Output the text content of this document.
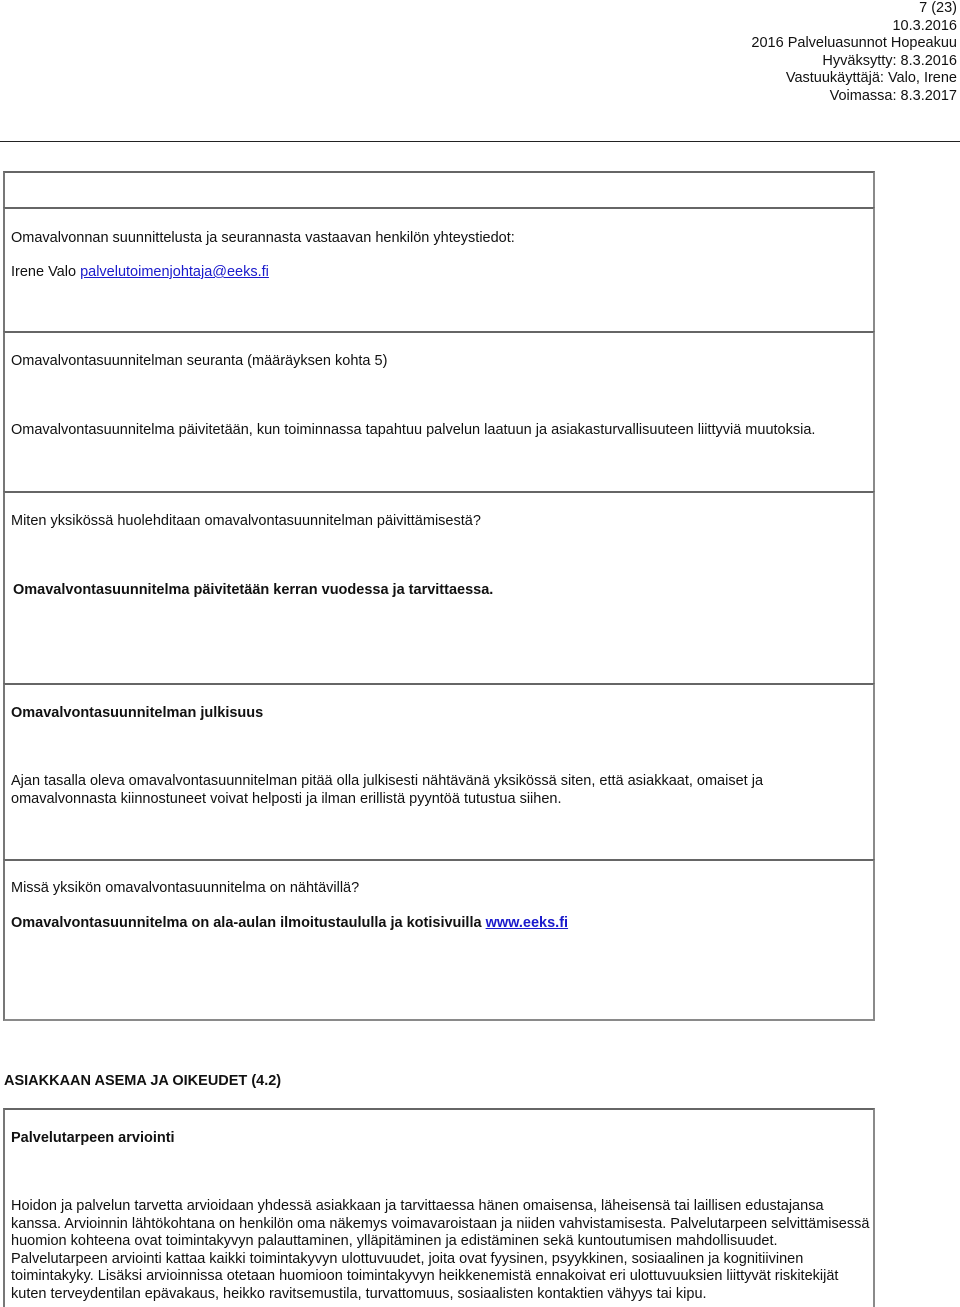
7 (23)
10.3.2016
2016 Palveluasunnot Hopeakuu
Hyväksytty: 8.3.2016
Vastuukäyttäjä: Valo, Irene
Voimassa: 8.3.2017
Omavalvonnan suunnittelusta ja seurannasta vastaavan henkilön yhteystiedot:
Irene Valo palvelutoimenjohtaja@eeks.fi
Omavalvontasuunnitelman seuranta (määräyksen kohta 5)
Omavalvontasuunnitelma päivitetään, kun toiminnassa tapahtuu palvelun laatuun ja asiakasturvallisuuteen liittyviä muutoksia.
Miten yksikössä huolehditaan omavalvontasuunnitelman päivittämisestä?
Omavalvontasuunnitelma päivitetään kerran vuodessa ja tarvittaessa.
Omavalvontasuunnitelman julkisuus
Ajan tasalla oleva omavalvontasuunnitelman pitää olla julkisesti nähtävänä yksikössä siten, että asiakkaat, omaiset ja omavalvonnasta kiinnostuneet voivat helposti ja ilman erillistä pyyntöä tutustua siihen.
Missä yksikön omavalvontasuunnitelma on nähtävillä?
Omavalvontasuunnitelma on ala-aulan ilmoitustaululla ja kotisivuilla www.eeks.fi
ASIAKKAAN ASEMA JA OIKEUDET (4.2)
Palvelutarpeen arviointi
Hoidon ja palvelun tarvetta arvioidaan yhdessä asiakkaan ja tarvittaessa hänen omaisensa, läheisensä tai laillisen edustajansa kanssa. Arvioinnin lähtökohtana on henkilön oma näkemys voimavaroistaan ja niiden vahvistamisesta. Palvelutarpeen selvittämisessä huomion kohteena ovat toimintakyvyn palauttaminen, ylläpitäminen ja edistäminen sekä kuntoutumisen mahdollisuudet. Palvelutarpeen arviointi kattaa kaikki toimintakyvyn ulottuvuudet, joita ovat fyysinen, psyykkinen, sosiaalinen ja kognitiivinen toimintakyky. Lisäksi arvioinnissa otetaan huomioon toimintakyvyn heikkenemistä ennakoivat eri ulottuvuuksien liittyvät riskitekijät kuten terveydentilan epävakaus, heikko ravitsemustila, turvattomuus, sosiaalisten kontaktien vähyys tai kipu.
